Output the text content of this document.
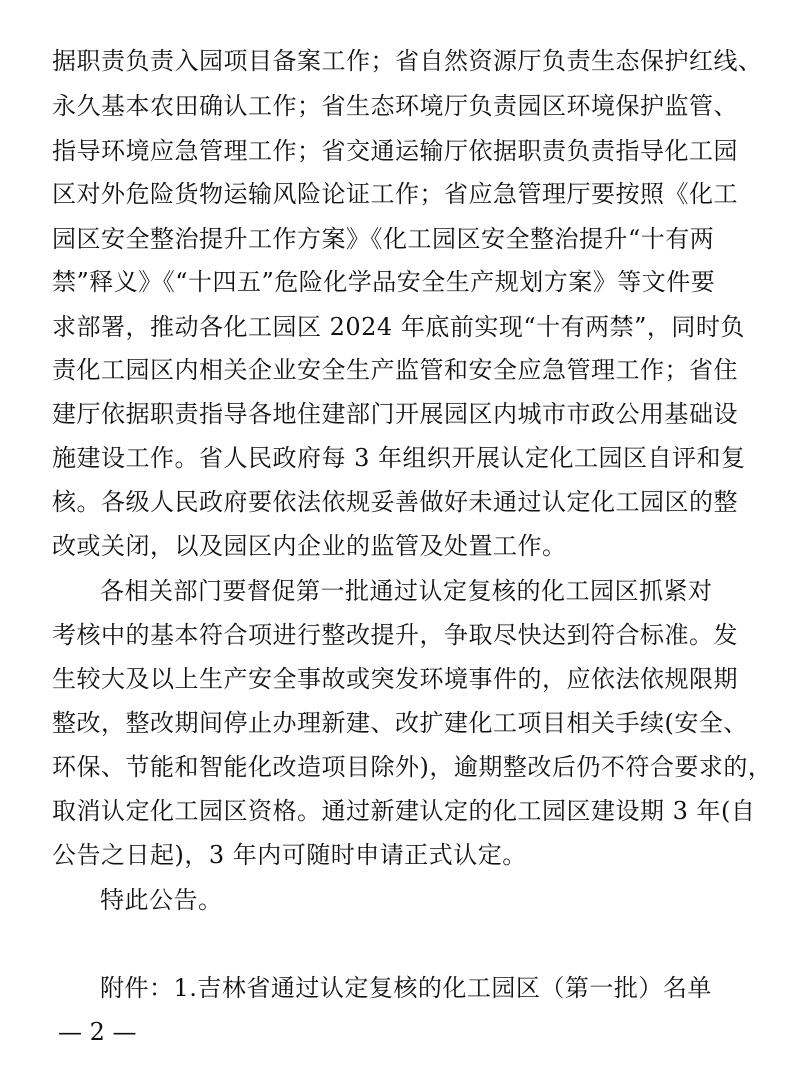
据职责负责入园项目备案工作；省自然资源厅负责生态保护红线、
永久基本农田确认工作；省生态环境厅负责园区环境保护监管、
指导环境应急管理工作；省交通运输厅依据职责负责指导化工园
区对外危险货物运输风险论证工作；省应急管理厅要按照《化工
园区安全整治提升工作方案》《化工园区安全整治提升“十有两
禁”释义》《“十四五”危险化学品安全生产规划方案》等文件要
求部署，推动各化工园区 2024 年底前实现“十有两禁”，同时负
责化工园区内相关企业安全生产监管和安全应急管理工作；省住
建厅依据职责指导各地住建部门开展园区内城市市政公用基础设
施建设工作。省人民政府每 3 年组织开展认定化工园区自评和复
核。各级人民政府要依法依规妥善做好未通过认定化工园区的整
改或关闭，以及园区内企业的监管及处置工作。
各相关部门要督促第一批通过认定复核的化工园区抓紧对
考核中的基本符合项进行整改提升，争取尽快达到符合标准。发
生较大及以上生产安全事故或突发环境事件的，应依法依规限期
整改，整改期间停止办理新建、改扩建化工项目相关手续(安全、
环保、节能和智能化改造项目除外)，逾期整改后仍不符合要求的，
取消认定化工园区资格。通过新建认定的化工园区建设期 3 年(自
公告之日起)，3 年内可随时申请正式认定。
特此公告。
附件：1.吉林省通过认定复核的化工园区（第一批）名单
— 2 —
